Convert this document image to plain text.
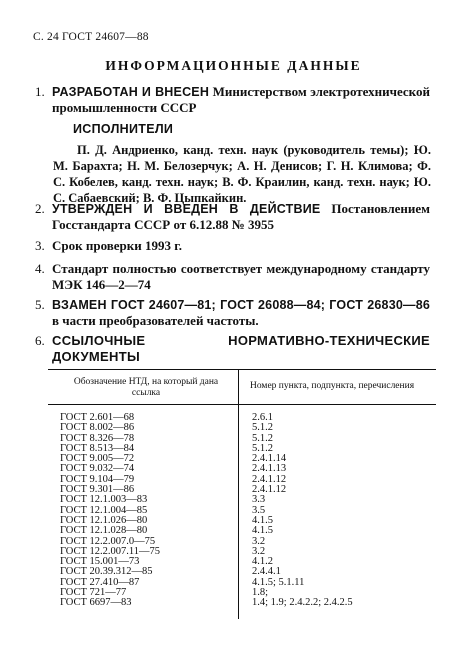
С. 24 ГОСТ 24607—88
ИНФОРМАЦИОННЫЕ ДАННЫЕ
1. РАЗРАБОТАН И ВНЕСЕН Министерством электротехнической промышленности СССР
ИСПОЛНИТЕЛИ
П. Д. Андриенко, канд. техн. наук (руководитель темы); Ю. М. Барахта; Н. М. Белозерчук; А. Н. Денисов; Г. Н. Климова; Ф. С. Кобелев, канд. техн. наук; В. Ф. Краилин, канд. техн. наук; Ю. С. Сабаевский; В. Ф. Цыпкайкин.
2. УТВЕРЖДЕН И ВВЕДЕН В ДЕЙСТВИЕ Постановлением Госстандарта СССР от 6.12.88 № 3955
3. Срок проверки 1993 г.
4. Стандарт полностью соответствует международному стандарту МЭК 146—2—74
5. ВЗАМЕН ГОСТ 24607—81; ГОСТ 26088—84; ГОСТ 26830—86 в части преобразователей частоты.
6. ССЫЛОЧНЫЕ НОРМАТИВНО-ТЕХНИЧЕСКИЕ ДОКУМЕНТЫ
Обозначение НТД, на который дана ссылка
Номер пункта, подпункта, перечисления
ГОСТ 2.601—68
ГОСТ 8.002—86
ГОСТ 8.326—78
ГОСТ 8.513—84
ГОСТ 9.005—72
ГОСТ 9.032—74
ГОСТ 9.104—79
ГОСТ 9.301—86
ГОСТ 12.1.003—83
ГОСТ 12.1.004—85
ГОСТ 12.1.026—80
ГОСТ 12.1.028—80
ГОСТ 12.2.007.0—75
ГОСТ 12.2.007.11—75
ГОСТ 15.001—73
ГОСТ 20.39.312—85
ГОСТ 27.410—87
ГОСТ 721—77
ГОСТ 6697—83
2.6.1
5.1.2
5.1.2
5.1.2
2.4.1.14
2.4.1.13
2.4.1.12
2.4.1.12
3.3
3.5
4.1.5
4.1.5
3.2
3.2
4.1.2
2.4.4.1
4.1.5; 5.1.11
1.8;
1.4; 1.9; 2.4.2.2; 2.4.2.5
